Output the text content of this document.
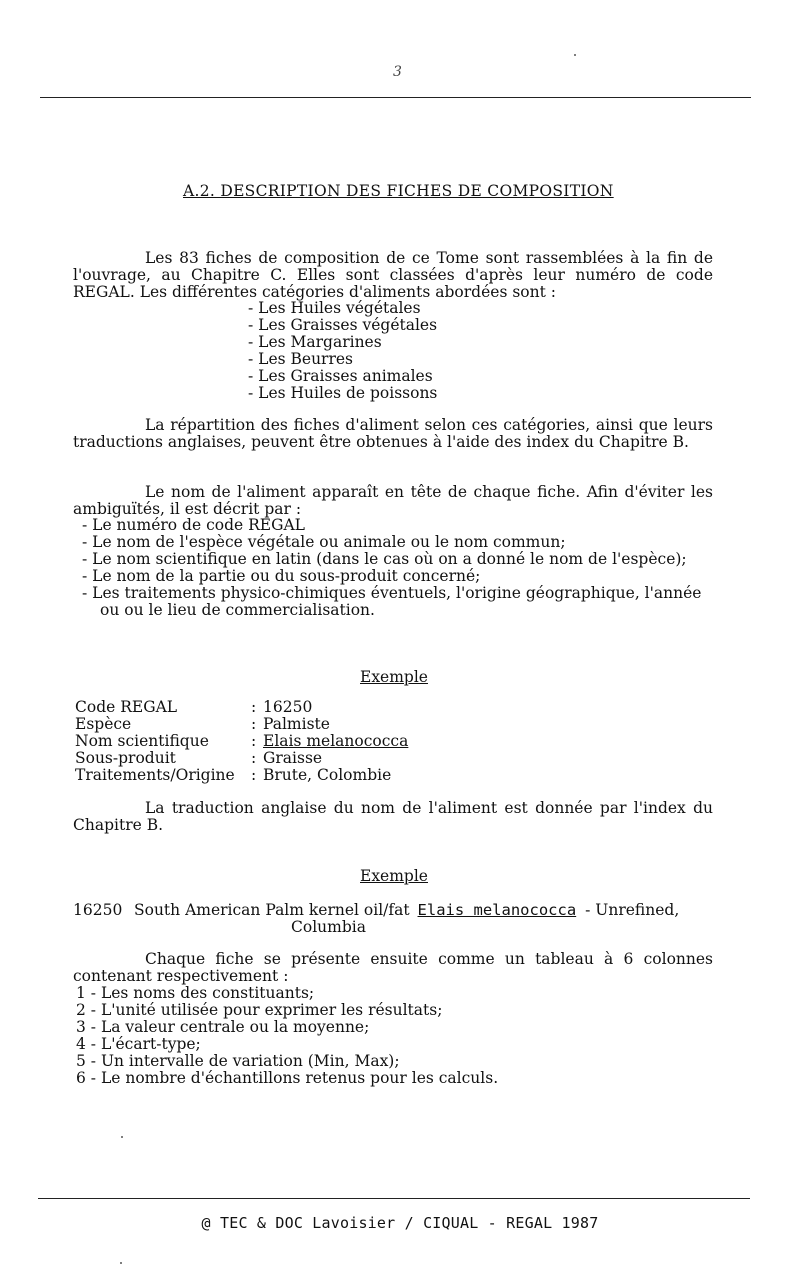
3
A.2. DESCRIPTION DES FICHES DE COMPOSITION
Les 83 fiches de composition de ce Tome sont rassemblées à la fin de l'ouvrage, au Chapitre C. Elles sont classées d'après leur numéro de code REGAL. Les différentes catégories d'aliments abordées sont :
- Les Huiles végétales
- Les Graisses végétales
- Les Margarines
- Les Beurres
- Les Graisses animales
- Les Huiles de poissons
La répartition des fiches d'aliment selon ces catégories, ainsi que leurs traductions anglaises, peuvent être obtenues à l'aide des index du Chapitre B.
Le nom de l'aliment apparaît en tête de chaque fiche. Afin d'éviter les ambiguïtés, il est décrit par :
- Le numéro de code REGAL
- Le nom de l'espèce végétale ou animale ou le nom commun;
- Le nom scientifique en latin (dans le cas où on a donné le nom de l'espèce);
- Le nom de la partie ou du sous-produit concerné;
- Les traitements physico-chimiques éventuels, l'origine géographique, l'année ou ou le lieu de commercialisation.
Exemple
Code REGAL	:	16250
Espèce	:	Palmiste
Nom scientifique	:	Elais melanococca
Sous-produit	:	Graisse
Traitements/Origine	:	Brute, Colombie
La traduction anglaise du nom de l'aliment est donnée par l'index du Chapitre B.
Exemple
16250 South American Palm kernel oil/fat Elais melanococca - Unrefined,
Columbia
Chaque fiche se présente ensuite comme un tableau à 6 colonnes contenant respectivement :
1 - Les noms des constituants;
2 - L'unité utilisée pour exprimer les résultats;
3 - La valeur centrale ou la moyenne;
4 - L'écart-type;
5 - Un intervalle de variation (Min, Max);
6 - Le nombre d'échantillons retenus pour les calculs.
@ TEC & DOC Lavoisier / CIQUAL - REGAL 1987
